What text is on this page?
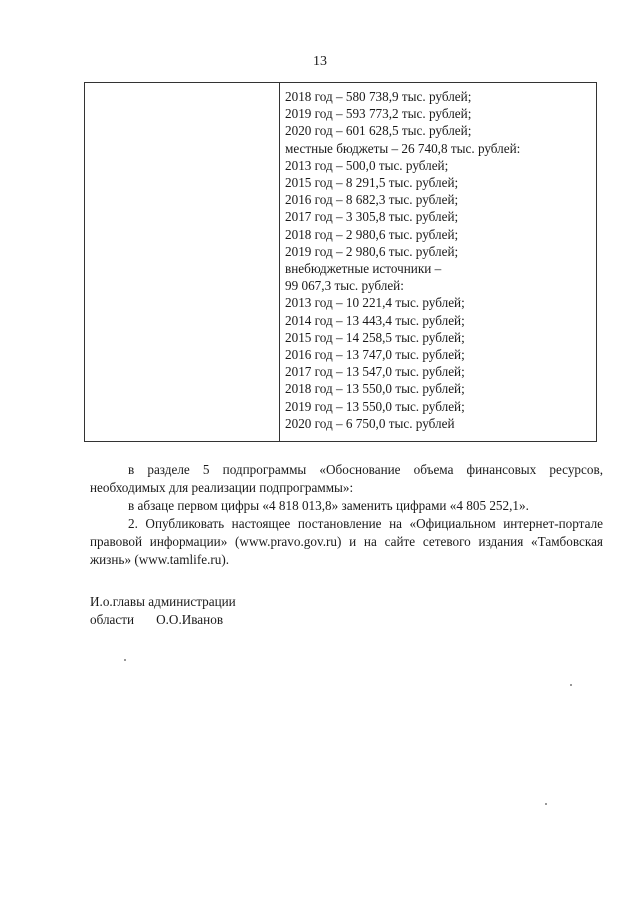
13
2018 год – 580 738,9 тыс. рублей;
2019 год – 593 773,2 тыс. рублей;
2020 год – 601 628,5 тыс. рублей;
местные бюджеты – 26 740,8 тыс. рублей:
2013 год – 500,0 тыс. рублей;
2015 год – 8 291,5 тыс. рублей;
2016 год – 8 682,3 тыс. рублей;
2017 год – 3 305,8 тыс. рублей;
2018 год – 2 980,6 тыс. рублей;
2019 год – 2 980,6 тыс. рублей;
внебюджетные источники –
99 067,3 тыс. рублей:
2013 год – 10 221,4 тыс. рублей;
2014 год – 13 443,4 тыс. рублей;
2015 год – 14 258,5 тыс. рублей;
2016 год – 13 747,0 тыс. рублей;
2017 год – 13 547,0 тыс. рублей;
2018 год – 13 550,0 тыс. рублей;
2019 год – 13 550,0 тыс. рублей;
2020 год – 6 750,0 тыс. рублей

в разделе 5 подпрограммы «Обоснование объема финансовых ресурсов, необходимых для реализации подпрограммы»:

в абзаце первом цифры «4 818 013,8» заменить цифрами «4 805 252,1».

2. Опубликовать настоящее постановление на «Официальном интернет-портале правовой информации» (www.pravo.gov.ru) и на сайте сетевого издания «Тамбовская жизнь» (www.tamlife.ru).

И.о.главы администрации
области О.О.Иванов
